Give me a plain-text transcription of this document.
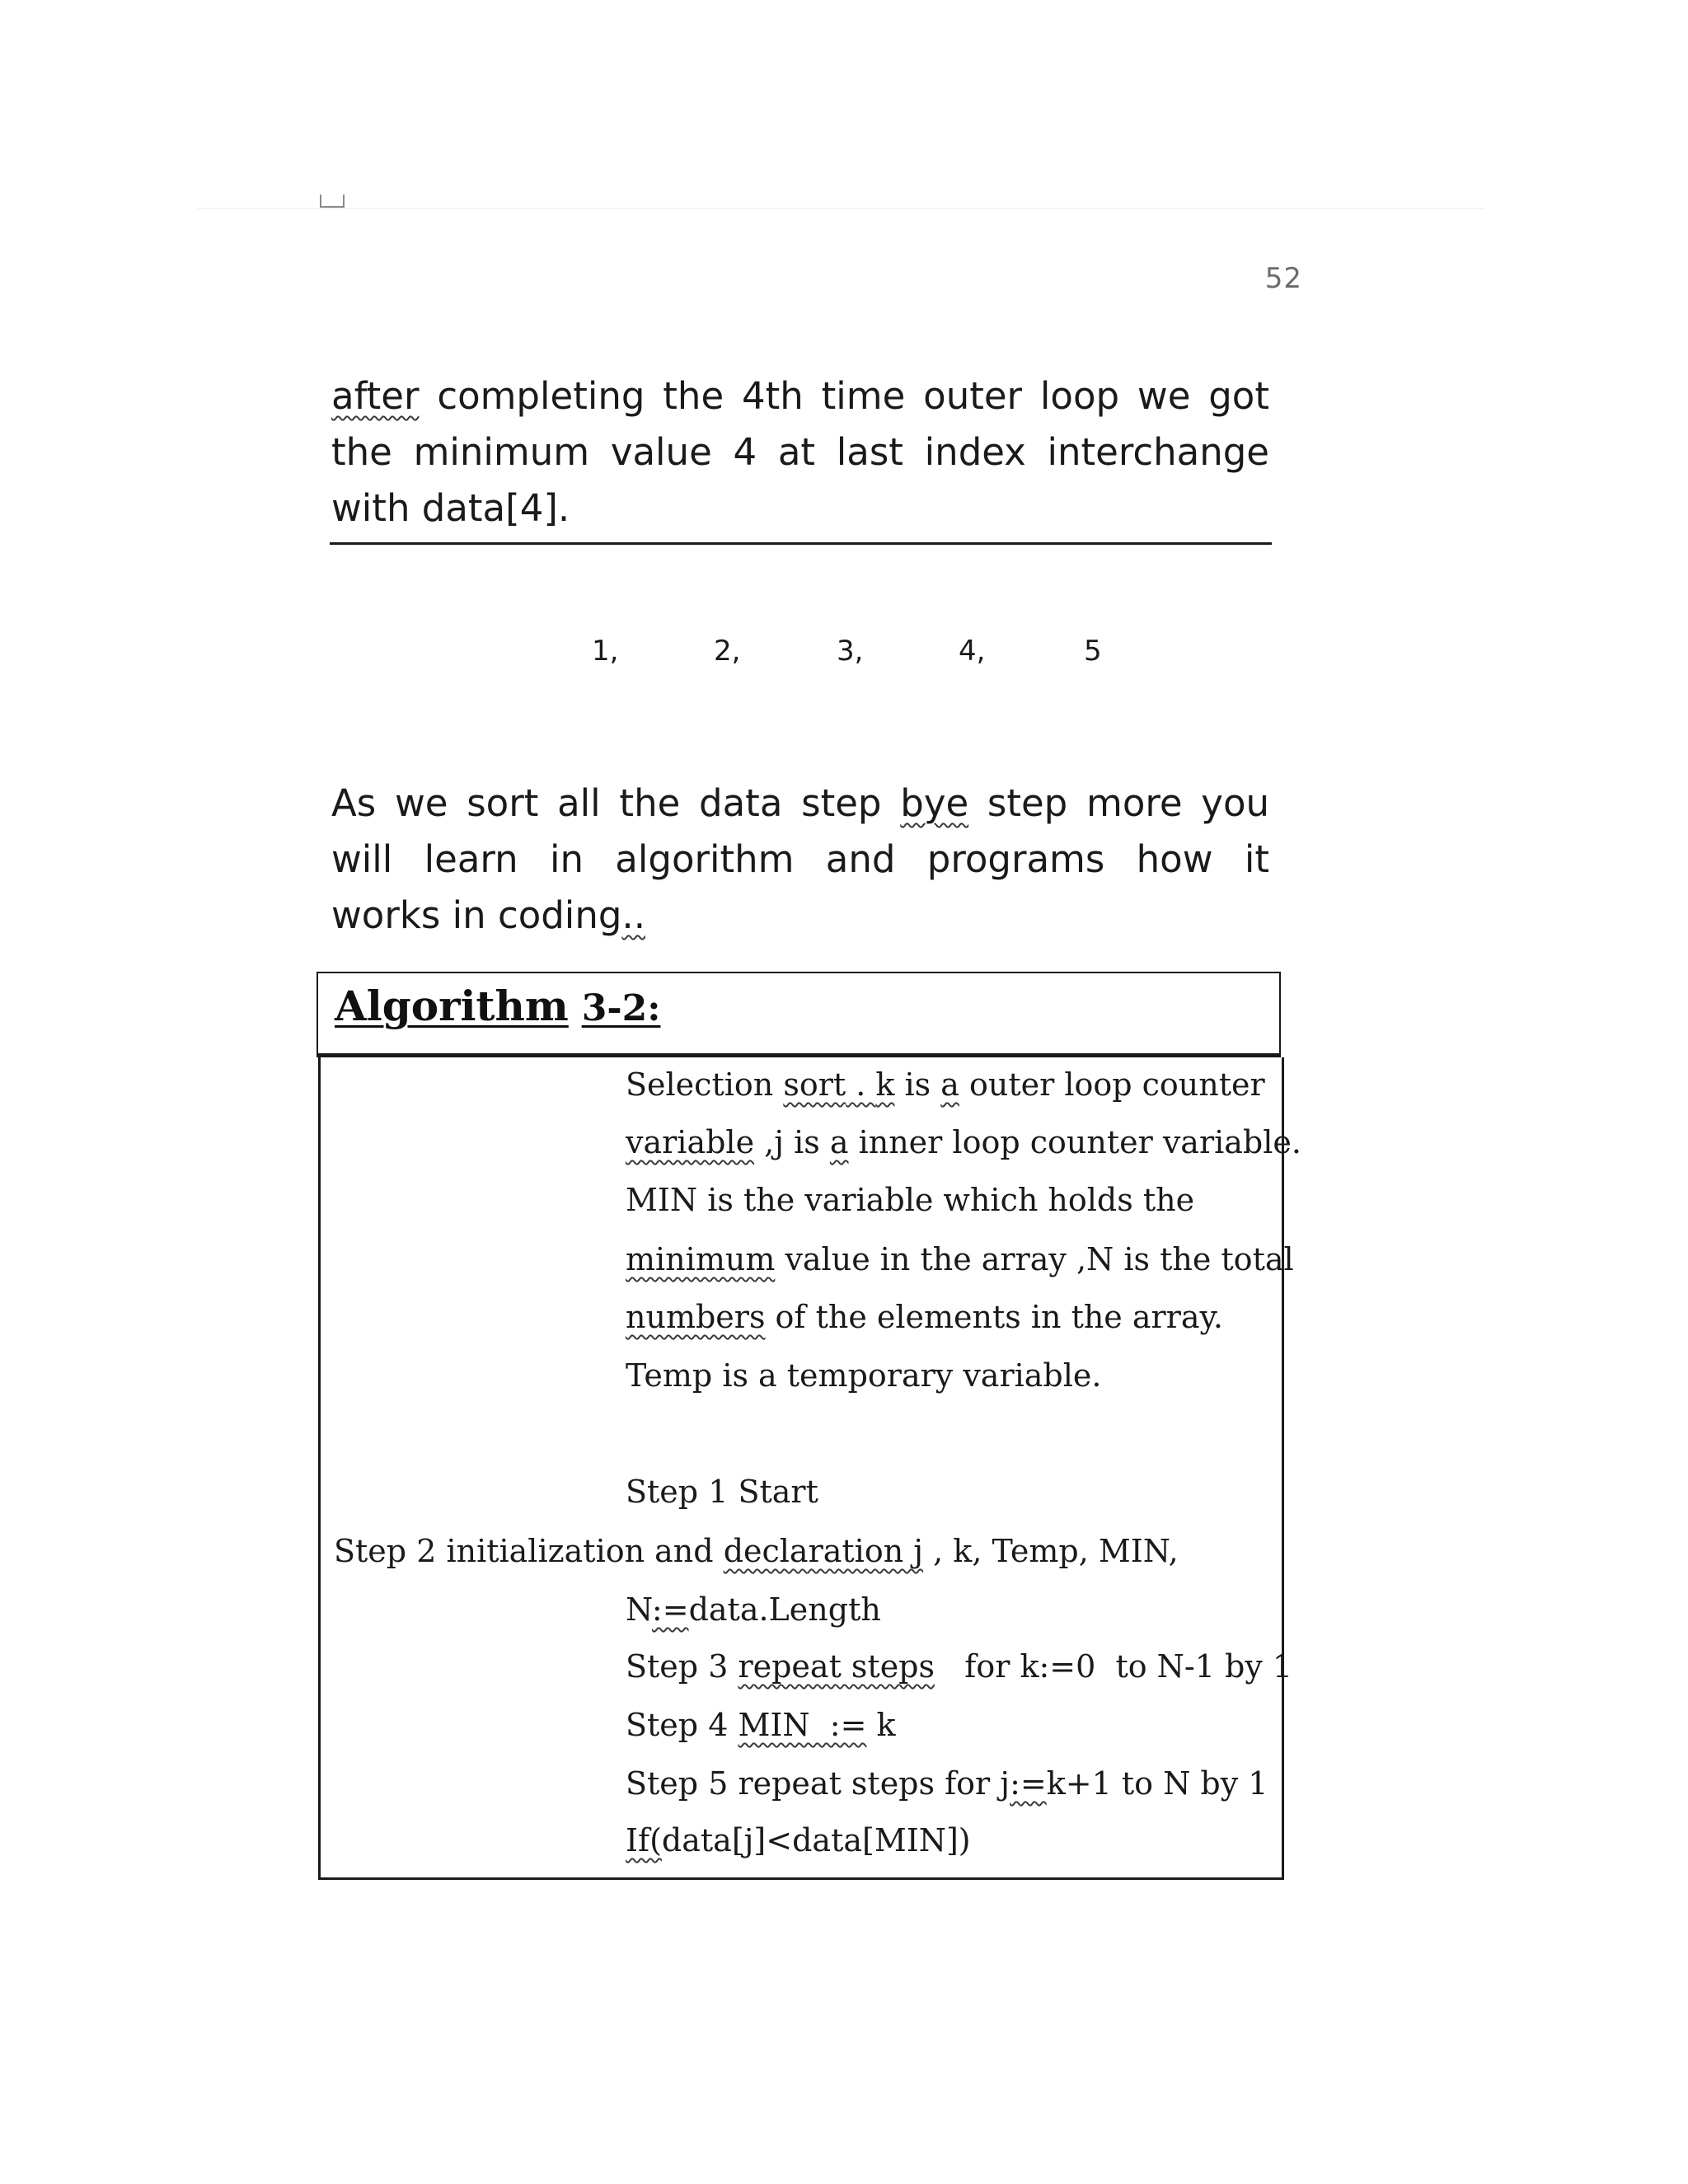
52
after completing the 4th time outer loop we got
the minimum value 4 at last index interchange
with data[4].
1,	2,	3,	4,	5
As we sort all the data step bye step more you
will learn in algorithm and programs how it
works in coding..
Algorithm 3-2:
Selection sort . k is a outer loop counter
variable ,j is a inner loop counter variable.
MIN is the variable which holds the
minimum value in the array ,N is the total
numbers of the elements in the array.
Temp is a temporary variable.
Step 1 Start
Step 2 initialization and declaration j , k, Temp, MIN,
N:=data.Length
Step 3 repeat steps   for k:=0  to N-1 by 1
Step 4 MIN  := k
Step 5 repeat steps for j:=k+1 to N by 1
If(data[j]<data[MIN])
